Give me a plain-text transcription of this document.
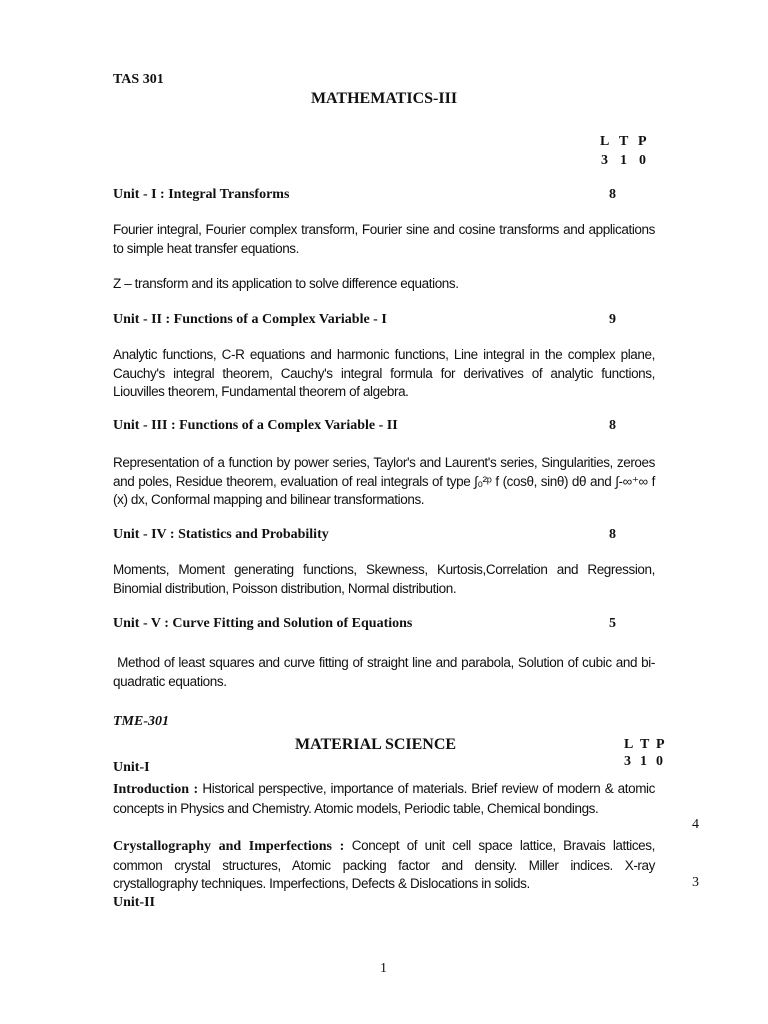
TAS 301
MATHEMATICS-III
L T P
3 1 0
Unit - I : Integral Transforms	8
Fourier integral, Fourier complex transform, Fourier sine and cosine transforms and applications to simple heat transfer equations.
Z – transform and its application to solve difference equations.
Unit - II : Functions of a Complex Variable - I	9
Analytic functions, C-R equations and harmonic functions, Line integral in the complex plane, Cauchy's integral theorem, Cauchy's integral formula for derivatives of analytic functions, Liouvilles theorem, Fundamental theorem of algebra.
Unit - III : Functions of a Complex Variable - II	8
Representation of a function by power series, Taylor's and Laurent's series, Singularities, zeroes and poles, Residue theorem, evaluation of real integrals of type ∫₀²ᵖ f (cosθ, sinθ) dθ and ∫-∞⁺∞ f (x) dx, Conformal mapping and bilinear transformations.
Unit - IV : Statistics and Probability	8
Moments, Moment generating functions, Skewness, Kurtosis,Correlation and Regression, Binomial distribution, Poisson distribution, Normal distribution.
Unit - V : Curve Fitting and Solution of Equations	5
Method of least squares and curve fitting of straight line and parabola, Solution of cubic and bi-quadratic equations.
TME-301
MATERIAL SCIENCE	L T P
3 1 0
Unit-I
Introduction : Historical perspective, importance of materials. Brief review of modern & atomic concepts in Physics and Chemistry. Atomic models, Periodic table, Chemical bondings.
4
Crystallography and Imperfections : Concept of unit cell space lattice, Bravais lattices, common crystal structures, Atomic packing factor and density. Miller indices. X-ray crystallography techniques. Imperfections, Defects & Dislocations in solids.	3
Unit-II
1
